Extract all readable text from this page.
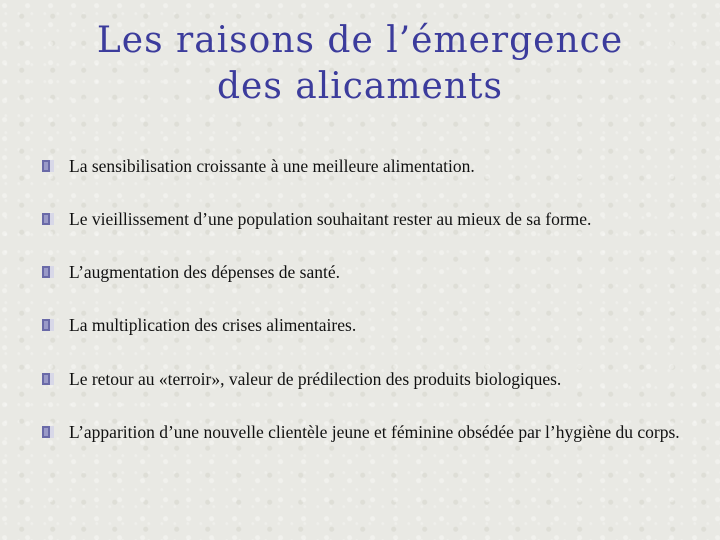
Les raisons de l’émergence
des alicaments
La sensibilisation croissante à une meilleure alimentation.
Le vieillissement d’une population souhaitant rester au mieux de sa forme.
L’augmentation des dépenses de santé.
La multiplication des crises alimentaires.
Le retour au «terroir», valeur de prédilection des produits biologiques.
L’apparition d’une nouvelle clientèle jeune et féminine obsédée par l’hygiène du corps.
